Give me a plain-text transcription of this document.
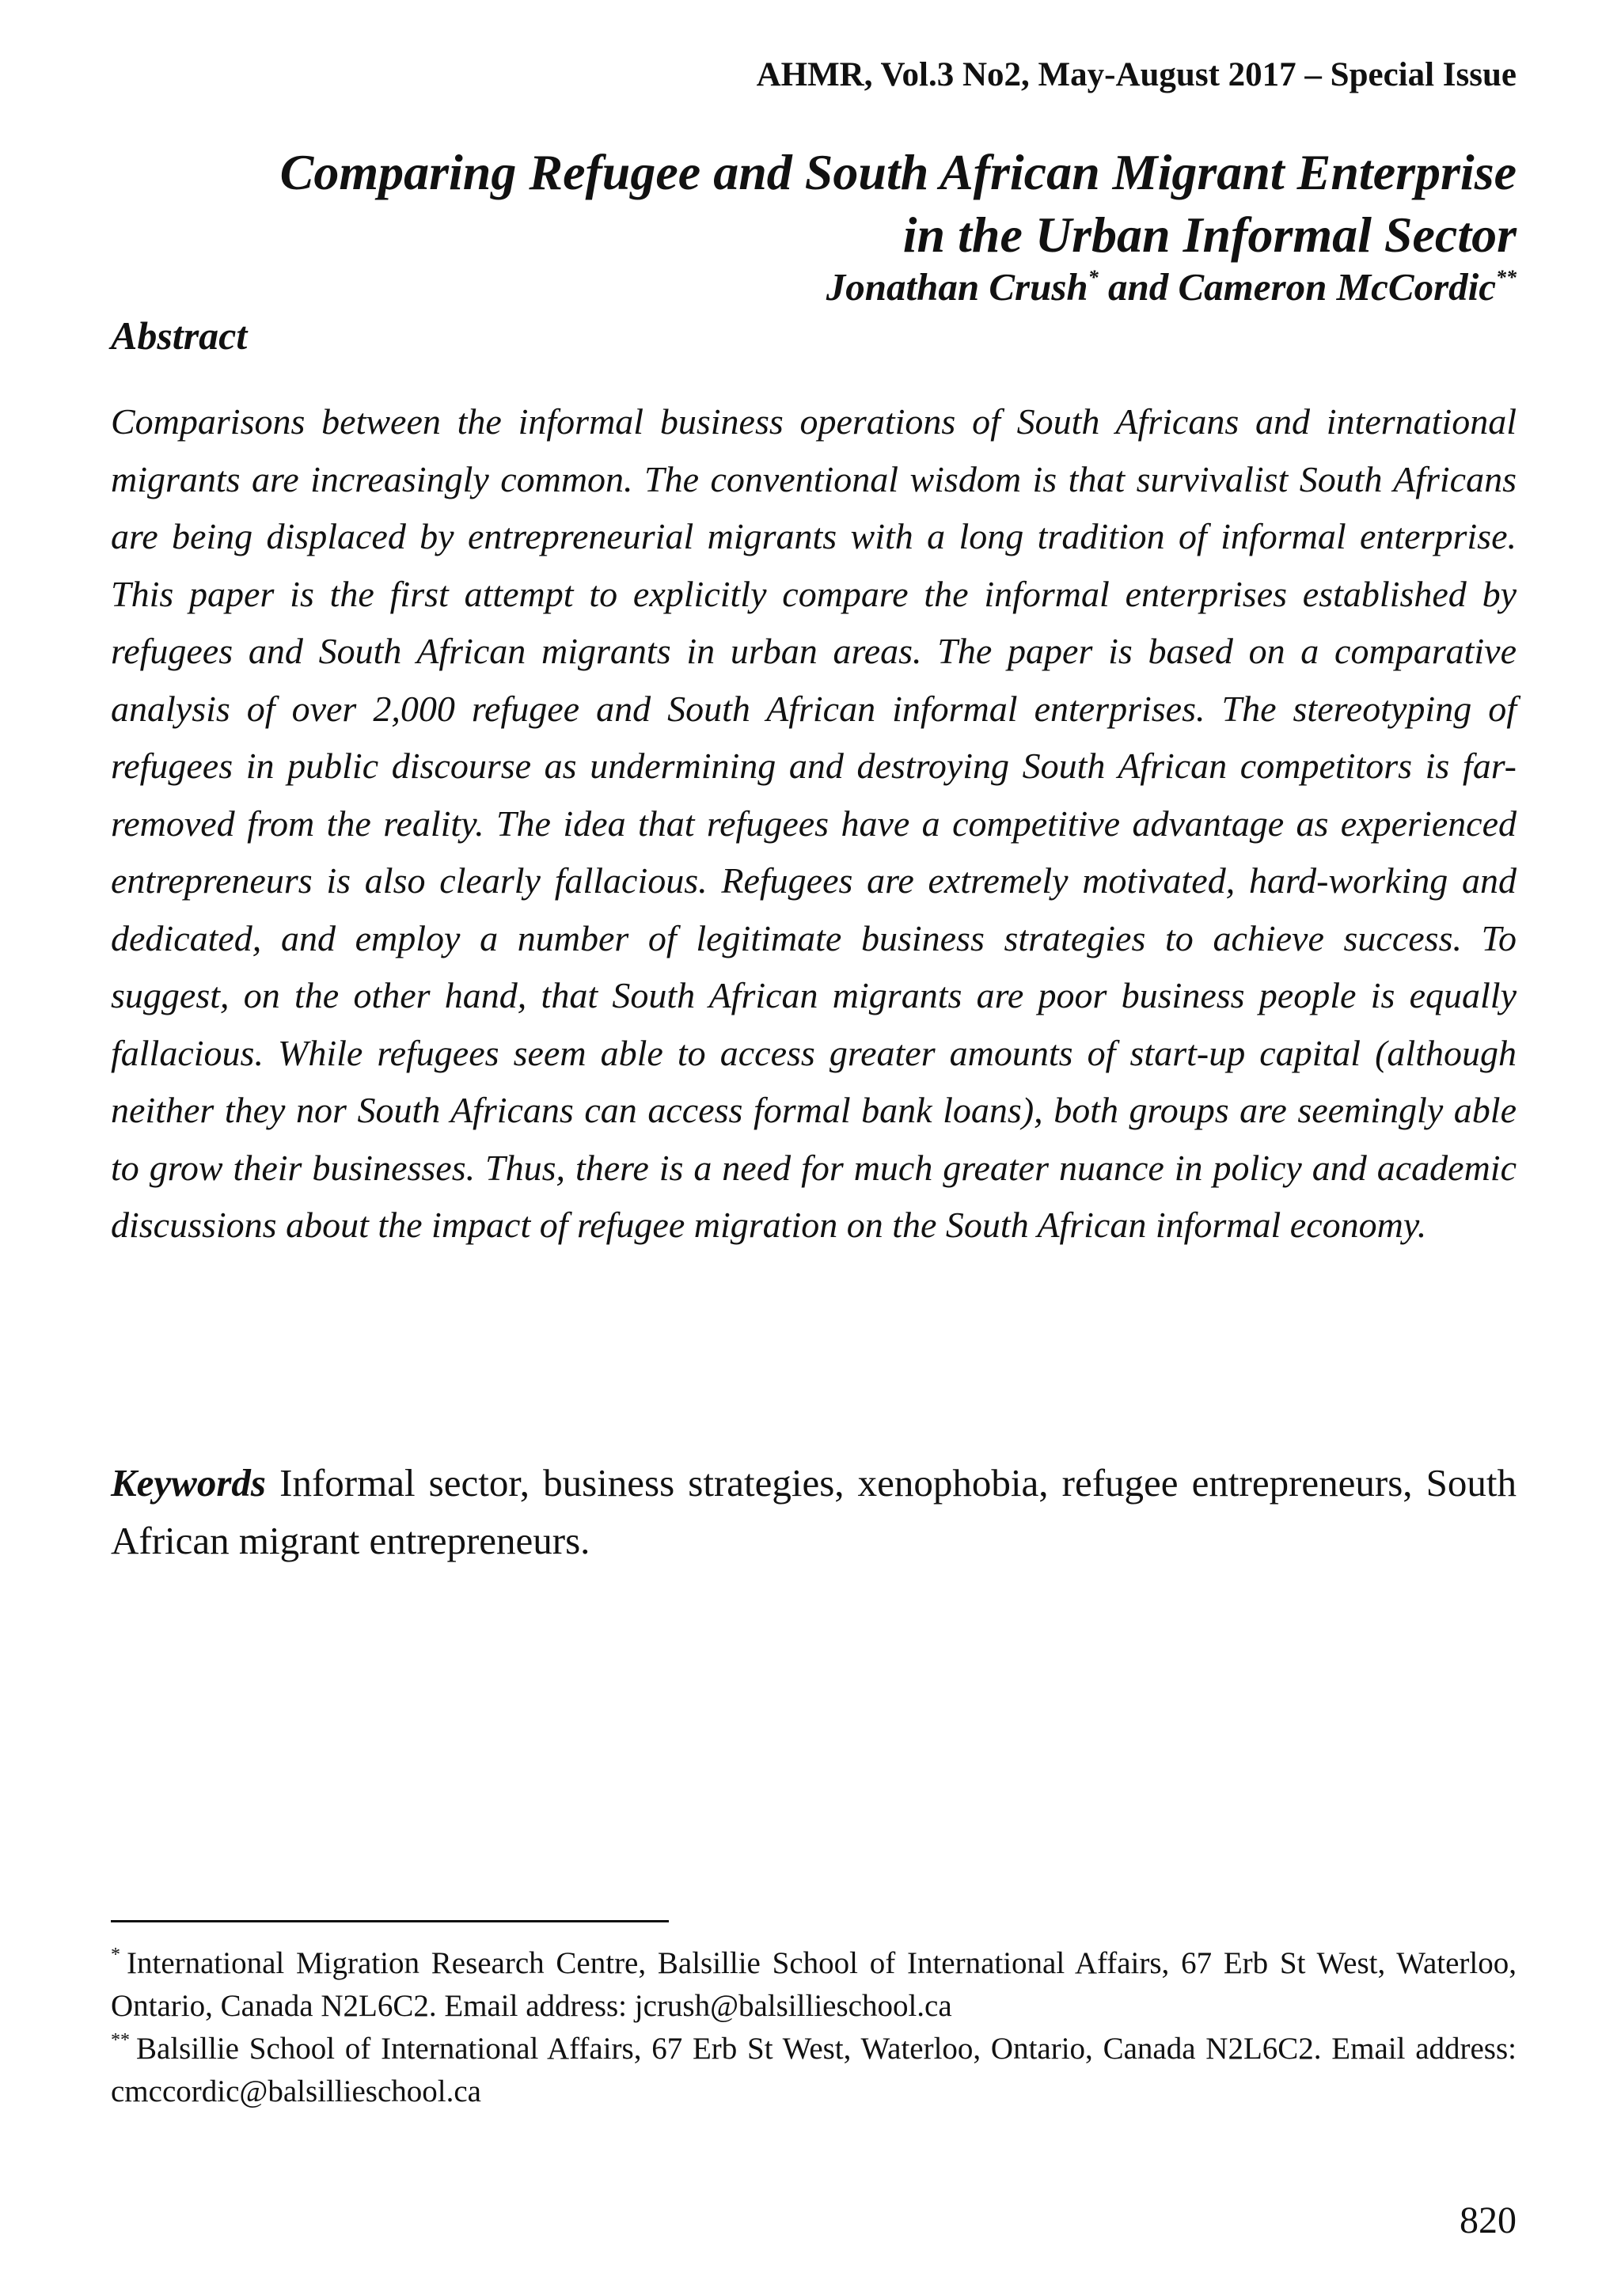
AHMR, Vol.3 No2, May-August 2017 – Special Issue
Comparing Refugee and South African Migrant Enterprise
in the Urban Informal Sector
Jonathan Crush* and Cameron McCordic**
Abstract

Comparisons between the informal business operations of South Africans and international migrants are increasingly common. The conventional wisdom is that survivalist South Africans are being displaced by entrepreneurial migrants with a long tradition of informal enterprise. This paper is the first attempt to explicitly compare the informal enterprises established by refugees and South African migrants in urban areas. The paper is based on a comparative analysis of over 2,000 refugee and South African informal enterprises. The stereotyping of refugees in public discourse as undermining and destroying South African competitors is far-removed from the reality. The idea that refugees have a competitive advantage as experienced entrepreneurs is also clearly fallacious. Refugees are extremely motivated, hard-working and dedicated, and employ a number of legitimate business strategies to achieve success. To suggest, on the other hand, that South African migrants are poor business people is equally fallacious. While refugees seem able to access greater amounts of start-up capital (although neither they nor South Africans can access formal bank loans), both groups are seemingly able to grow their businesses. Thus, there is a need for much greater nuance in policy and academic discussions about the impact of refugee migration on the South African informal economy.

Keywords Informal sector, business strategies, xenophobia, refugee entrepreneurs, South African migrant entrepreneurs.

* International Migration Research Centre, Balsillie School of International Affairs, 67 Erb St West, Waterloo, Ontario, Canada N2L6C2. Email address: jcrush@balsillieschool.ca

** Balsillie School of International Affairs, 67 Erb St West, Waterloo, Ontario, Canada N2L6C2. Email address: cmccordic@balsillieschool.ca

820
